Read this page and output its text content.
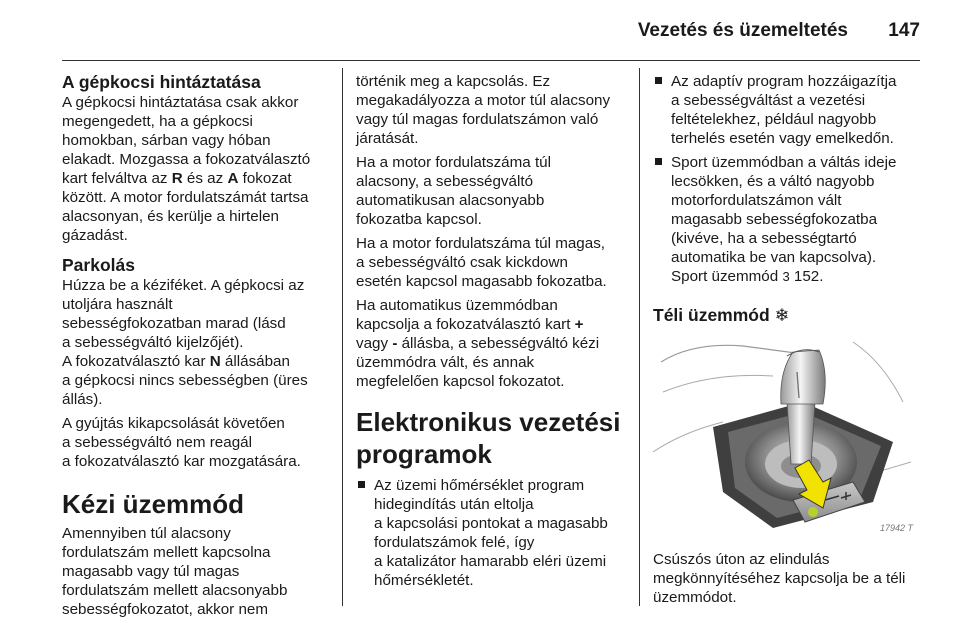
Vezetés és üzemeltetés 147
A gépkocsi hintáztatása

A gépkocsi hintáztatása csak akkor
megengedett, ha a gépkocsi
homokban, sárban vagy hóban
elakadt. Mozgassa a fokozatválasztó
kart felváltva az R és az A fokozat
között. A motor fordulatszámát tartsa
alacsonyan, és kerülje a hirtelen
gázadást.

Parkolás

Húzza be a kéziféket. A gépkocsi az
utoljára használt
sebességfokozatban marad (lásd
a sebességváltó kijelzőjét).
A fokozatválasztó kar N állásában
a gépkocsi nincs sebességben (üres
állás).

A gyújtás kikapcsolását követően
a sebességváltó nem reagál
a fokozatválasztó kar mozgatására.

Kézi üzemmód

Amennyiben túl alacsony
fordulatszám mellett kapcsolna
magasabb vagy túl magas
fordulatszám mellett alacsonyabb
sebességfokozatot, akkor nem

történik meg a kapcsolás. Ez
megakadályozza a motor túl alacsony
vagy túl magas fordulatszámon való
járatását.

Ha a motor fordulatszáma túl
alacsony, a sebességváltó
automatikusan alacsonyabb
fokozatba kapcsol.

Ha a motor fordulatszáma túl magas,
a sebességváltó csak kickdown
esetén kapcsol magasabb fokozatba.

Ha automatikus üzemmódban
kapcsolja a fokozatválasztó kart +
vagy - állásba, a sebességváltó kézi
üzemmódra vált, és annak
megfelelően kapcsol fokozatot.

Elektronikus vezetési
programok
Az üzemi hőmérséklet program
hidegindítás után eltolja
a kapcsolási pontokat a magasabb
fordulatszámok felé, így
a katalizátor hamarabb eléri üzemi
hőmérsékletét.
Az adaptív program hozzáigazítja
a sebességváltást a vezetési
feltételekhez, például nagyobb
terhelés esetén vagy emelkedőn.
Sport üzemmódban a váltás ideje
lecsökken, és a váltó nagyobb
motorfordulatszámon vált
magasabb sebességfokozatba
(kivéve, ha a sebességtartó
automatika be van kapcsolva).
Sport üzemmód 3 152.
Téli üzemmód ❄
17942 T

Csúszós úton az elindulás
megkönnyítéséhez kapcsolja be a téli
üzemmódot.
